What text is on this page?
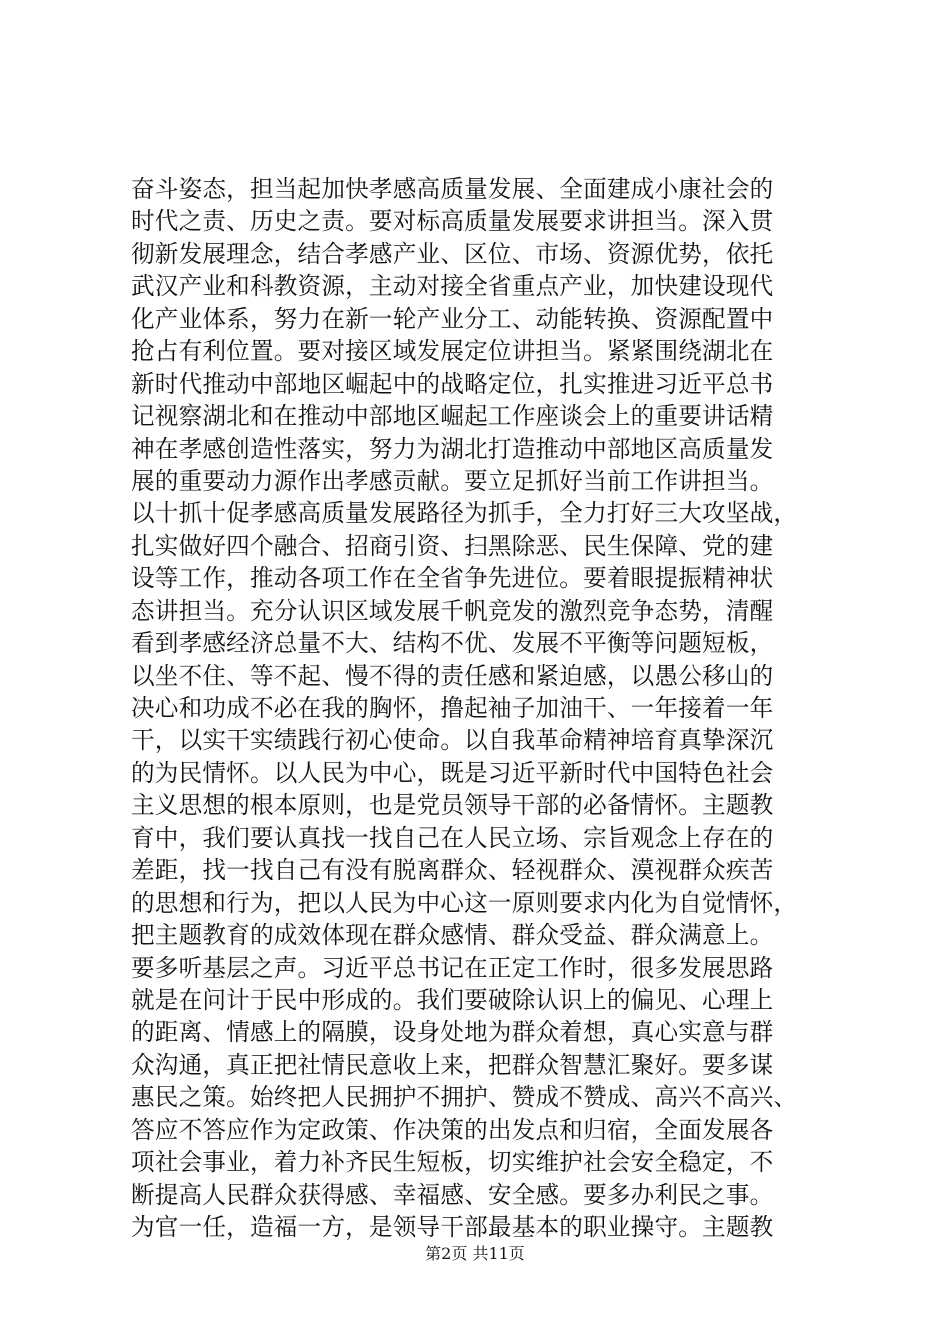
奋斗姿态，担当起加快孝感高质量发展、全面建成小康社会的
时代之责、历史之责。要对标高质量发展要求讲担当。深入贯
彻新发展理念，结合孝感产业、区位、市场、资源优势，依托
武汉产业和科教资源，主动对接全省重点产业，加快建设现代
化产业体系，努力在新一轮产业分工、动能转换、资源配置中
抢占有利位置。要对接区域发展定位讲担当。紧紧围绕湖北在
新时代推动中部地区崛起中的战略定位，扎实推进习近平总书
记视察湖北和在推动中部地区崛起工作座谈会上的重要讲话精
神在孝感创造性落实，努力为湖北打造推动中部地区高质量发
展的重要动力源作出孝感贡献。要立足抓好当前工作讲担当。
以十抓十促孝感高质量发展路径为抓手，全力打好三大攻坚战，
扎实做好四个融合、招商引资、扫黑除恶、民生保障、党的建
设等工作，推动各项工作在全省争先进位。要着眼提振精神状
态讲担当。充分认识区域发展千帆竞发的激烈竞争态势，清醒
看到孝感经济总量不大、结构不优、发展不平衡等问题短板，
以坐不住、等不起、慢不得的责任感和紧迫感，以愚公移山的
决心和功成不必在我的胸怀，撸起袖子加油干、一年接着一年
干，以实干实绩践行初心使命。以自我革命精神培育真挚深沉
的为民情怀。以人民为中心，既是习近平新时代中国特色社会
主义思想的根本原则，也是党员领导干部的必备情怀。主题教
育中，我们要认真找一找自己在人民立场、宗旨观念上存在的
差距，找一找自己有没有脱离群众、轻视群众、漠视群众疾苦
的思想和行为，把以人民为中心这一原则要求内化为自觉情怀，
把主题教育的成效体现在群众感情、群众受益、群众满意上。
要多听基层之声。习近平总书记在正定工作时，很多发展思路
就是在问计于民中形成的。我们要破除认识上的偏见、心理上
的距离、情感上的隔膜，设身处地为群众着想，真心实意与群
众沟通，真正把社情民意收上来，把群众智慧汇聚好。要多谋
惠民之策。始终把人民拥护不拥护、赞成不赞成、高兴不高兴、
答应不答应作为定政策、作决策的出发点和归宿，全面发展各
项社会事业，着力补齐民生短板，切实维护社会安全稳定，不
断提高人民群众获得感、幸福感、安全感。要多办利民之事。
为官一任，造福一方，是领导干部最基本的职业操守。主题教
第2页 共11页
